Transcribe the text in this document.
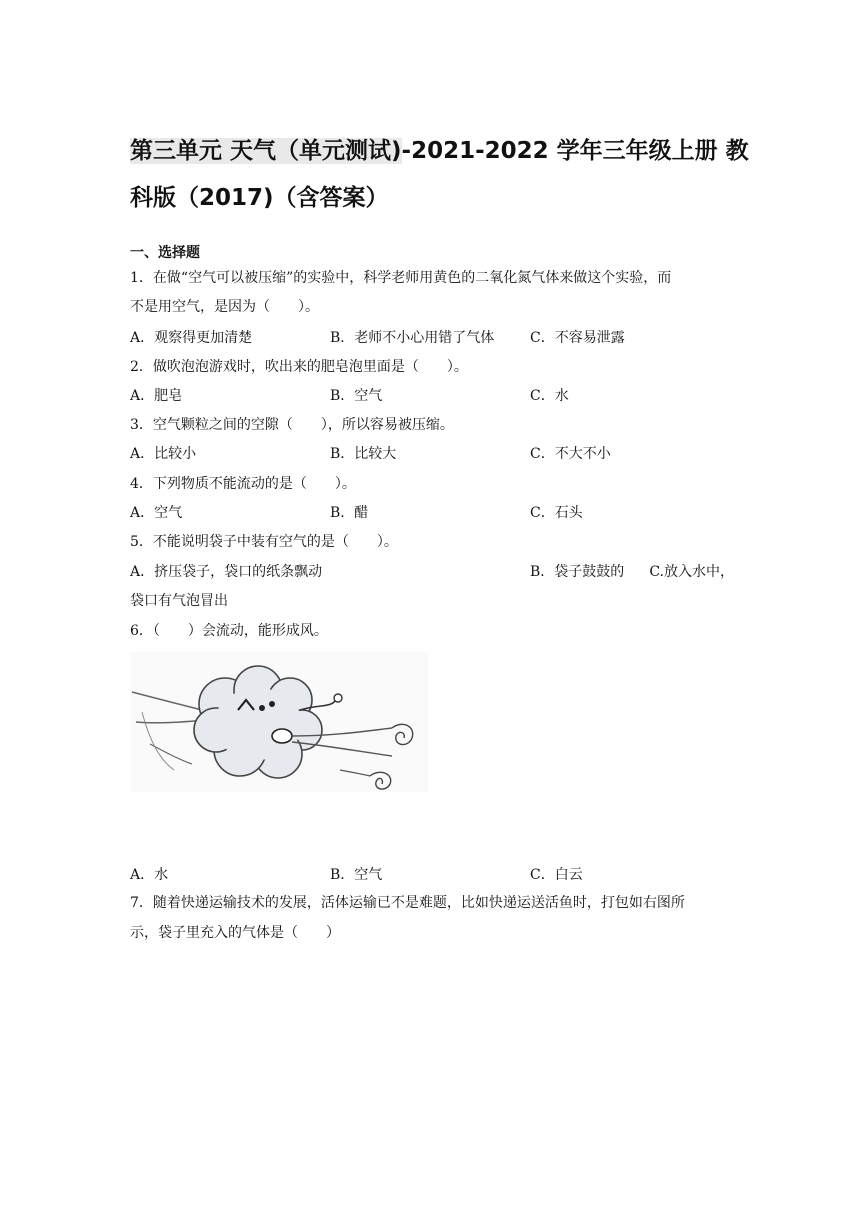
第三单元 天气（单元测试)-2021-2022 学年三年级上册 教
科版（2017)（含答案）
一、选择题
1．在做“空气可以被压缩”的实验中，科学老师用黄色的二氧化氮气体来做这个实验，而
不是用空气，是因为（　　）。
A．观察得更加清楚	B．老师不小心用错了气体	C．不容易泄露
2．做吹泡泡游戏时，吹出来的肥皂泡里面是（　　）。
A．肥皂	B．空气	C．水
3．空气颗粒之间的空隙（　　），所以容易被压缩。
A．比较小	B．比较大	C．不大不小
4．下列物质不能流动的是（　　）。
A．空气	B．醋	C．石头
5．不能说明袋子中装有空气的是（　　）。
A．挤压袋子，袋口的纸条飘动	B．袋子鼓鼓的 C.放入水中，
袋口有气泡冒出
6．（　　）会流动，能形成风。
A．水	B．空气	C．白云
7．随着快递运输技术的发展，活体运输已不是难题，比如快递运送活鱼时，打包如右图所
示，袋子里充入的气体是（　　）
